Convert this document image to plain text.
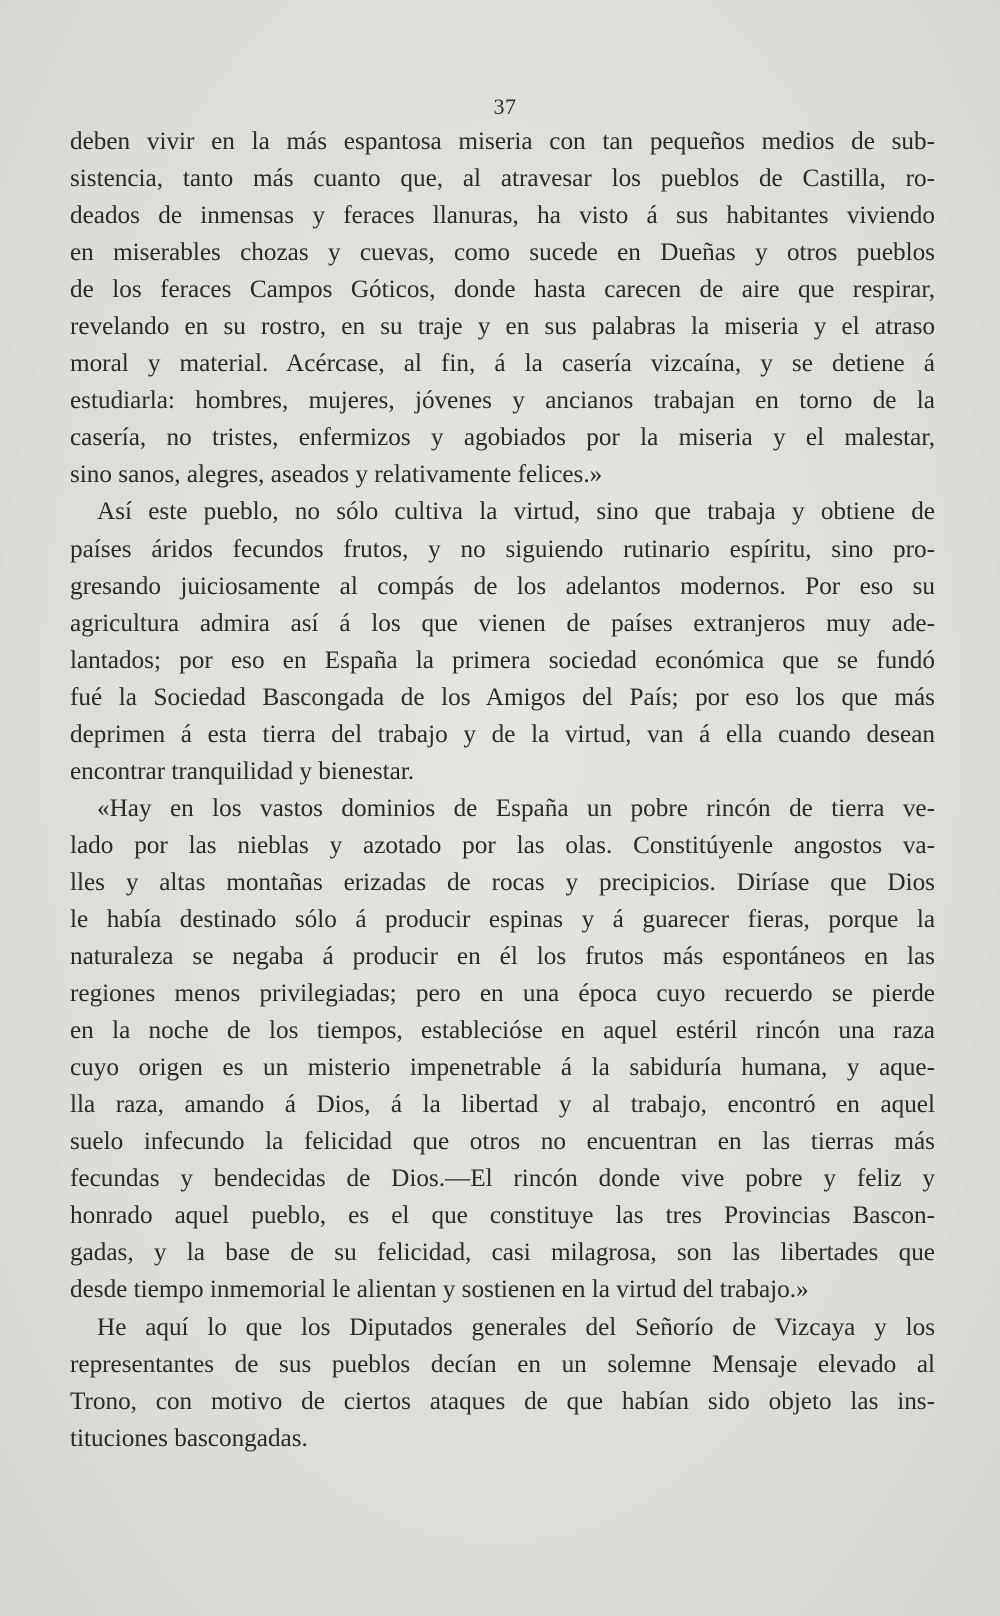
37
deben vivir en la más espantosa miseria con tan pequeños medios de sub-
sistencia, tanto más cuanto que, al atravesar los pueblos de Castilla, ro-
deados de inmensas y feraces llanuras, ha visto á sus habitantes viviendo
en miserables chozas y cuevas, como sucede en Dueñas y otros pueblos
de los feraces Campos Góticos, donde hasta carecen de aire que respirar,
revelando en su rostro, en su traje y en sus palabras la miseria y el atraso
moral y material. Acércase, al fin, á la casería vizcaína, y se detiene á
estudiarla: hombres, mujeres, jóvenes y ancianos trabajan en torno de la
casería, no tristes, enfermizos y agobiados por la miseria y el malestar,
sino sanos, alegres, aseados y relativamente felices.»
Así este pueblo, no sólo cultiva la virtud, sino que trabaja y obtiene de
países áridos fecundos frutos, y no siguiendo rutinario espíritu, sino pro-
gresando juiciosamente al compás de los adelantos modernos. Por eso su
agricultura admira así á los que vienen de países extranjeros muy ade-
lantados; por eso en España la primera sociedad económica que se fundó
fué la Sociedad Bascongada de los Amigos del País; por eso los que más
deprimen á esta tierra del trabajo y de la virtud, van á ella cuando desean
encontrar tranquilidad y bienestar.
«Hay en los vastos dominios de España un pobre rincón de tierra ve-
lado por las nieblas y azotado por las olas. Constitúyenle angostos va-
lles y altas montañas erizadas de rocas y precipicios. Diríase que Dios
le había destinado sólo á producir espinas y á guarecer fieras, porque la
naturaleza se negaba á producir en él los frutos más espontáneos en las
regiones menos privilegiadas; pero en una época cuyo recuerdo se pierde
en la noche de los tiempos, establecióse en aquel estéril rincón una raza
cuyo origen es un misterio impenetrable á la sabiduría humana, y aque-
lla raza, amando á Dios, á la libertad y al trabajo, encontró en aquel
suelo infecundo la felicidad que otros no encuentran en las tierras más
fecundas y bendecidas de Dios.—El rincón donde vive pobre y feliz y
honrado aquel pueblo, es el que constituye las tres Provincias Bascon-
gadas, y la base de su felicidad, casi milagrosa, son las libertades que
desde tiempo inmemorial le alientan y sostienen en la virtud del trabajo.»
He aquí lo que los Diputados generales del Señorío de Vizcaya y los
representantes de sus pueblos decían en un solemne Mensaje elevado al
Trono, con motivo de ciertos ataques de que habían sido objeto las ins-
tituciones bascongadas.
